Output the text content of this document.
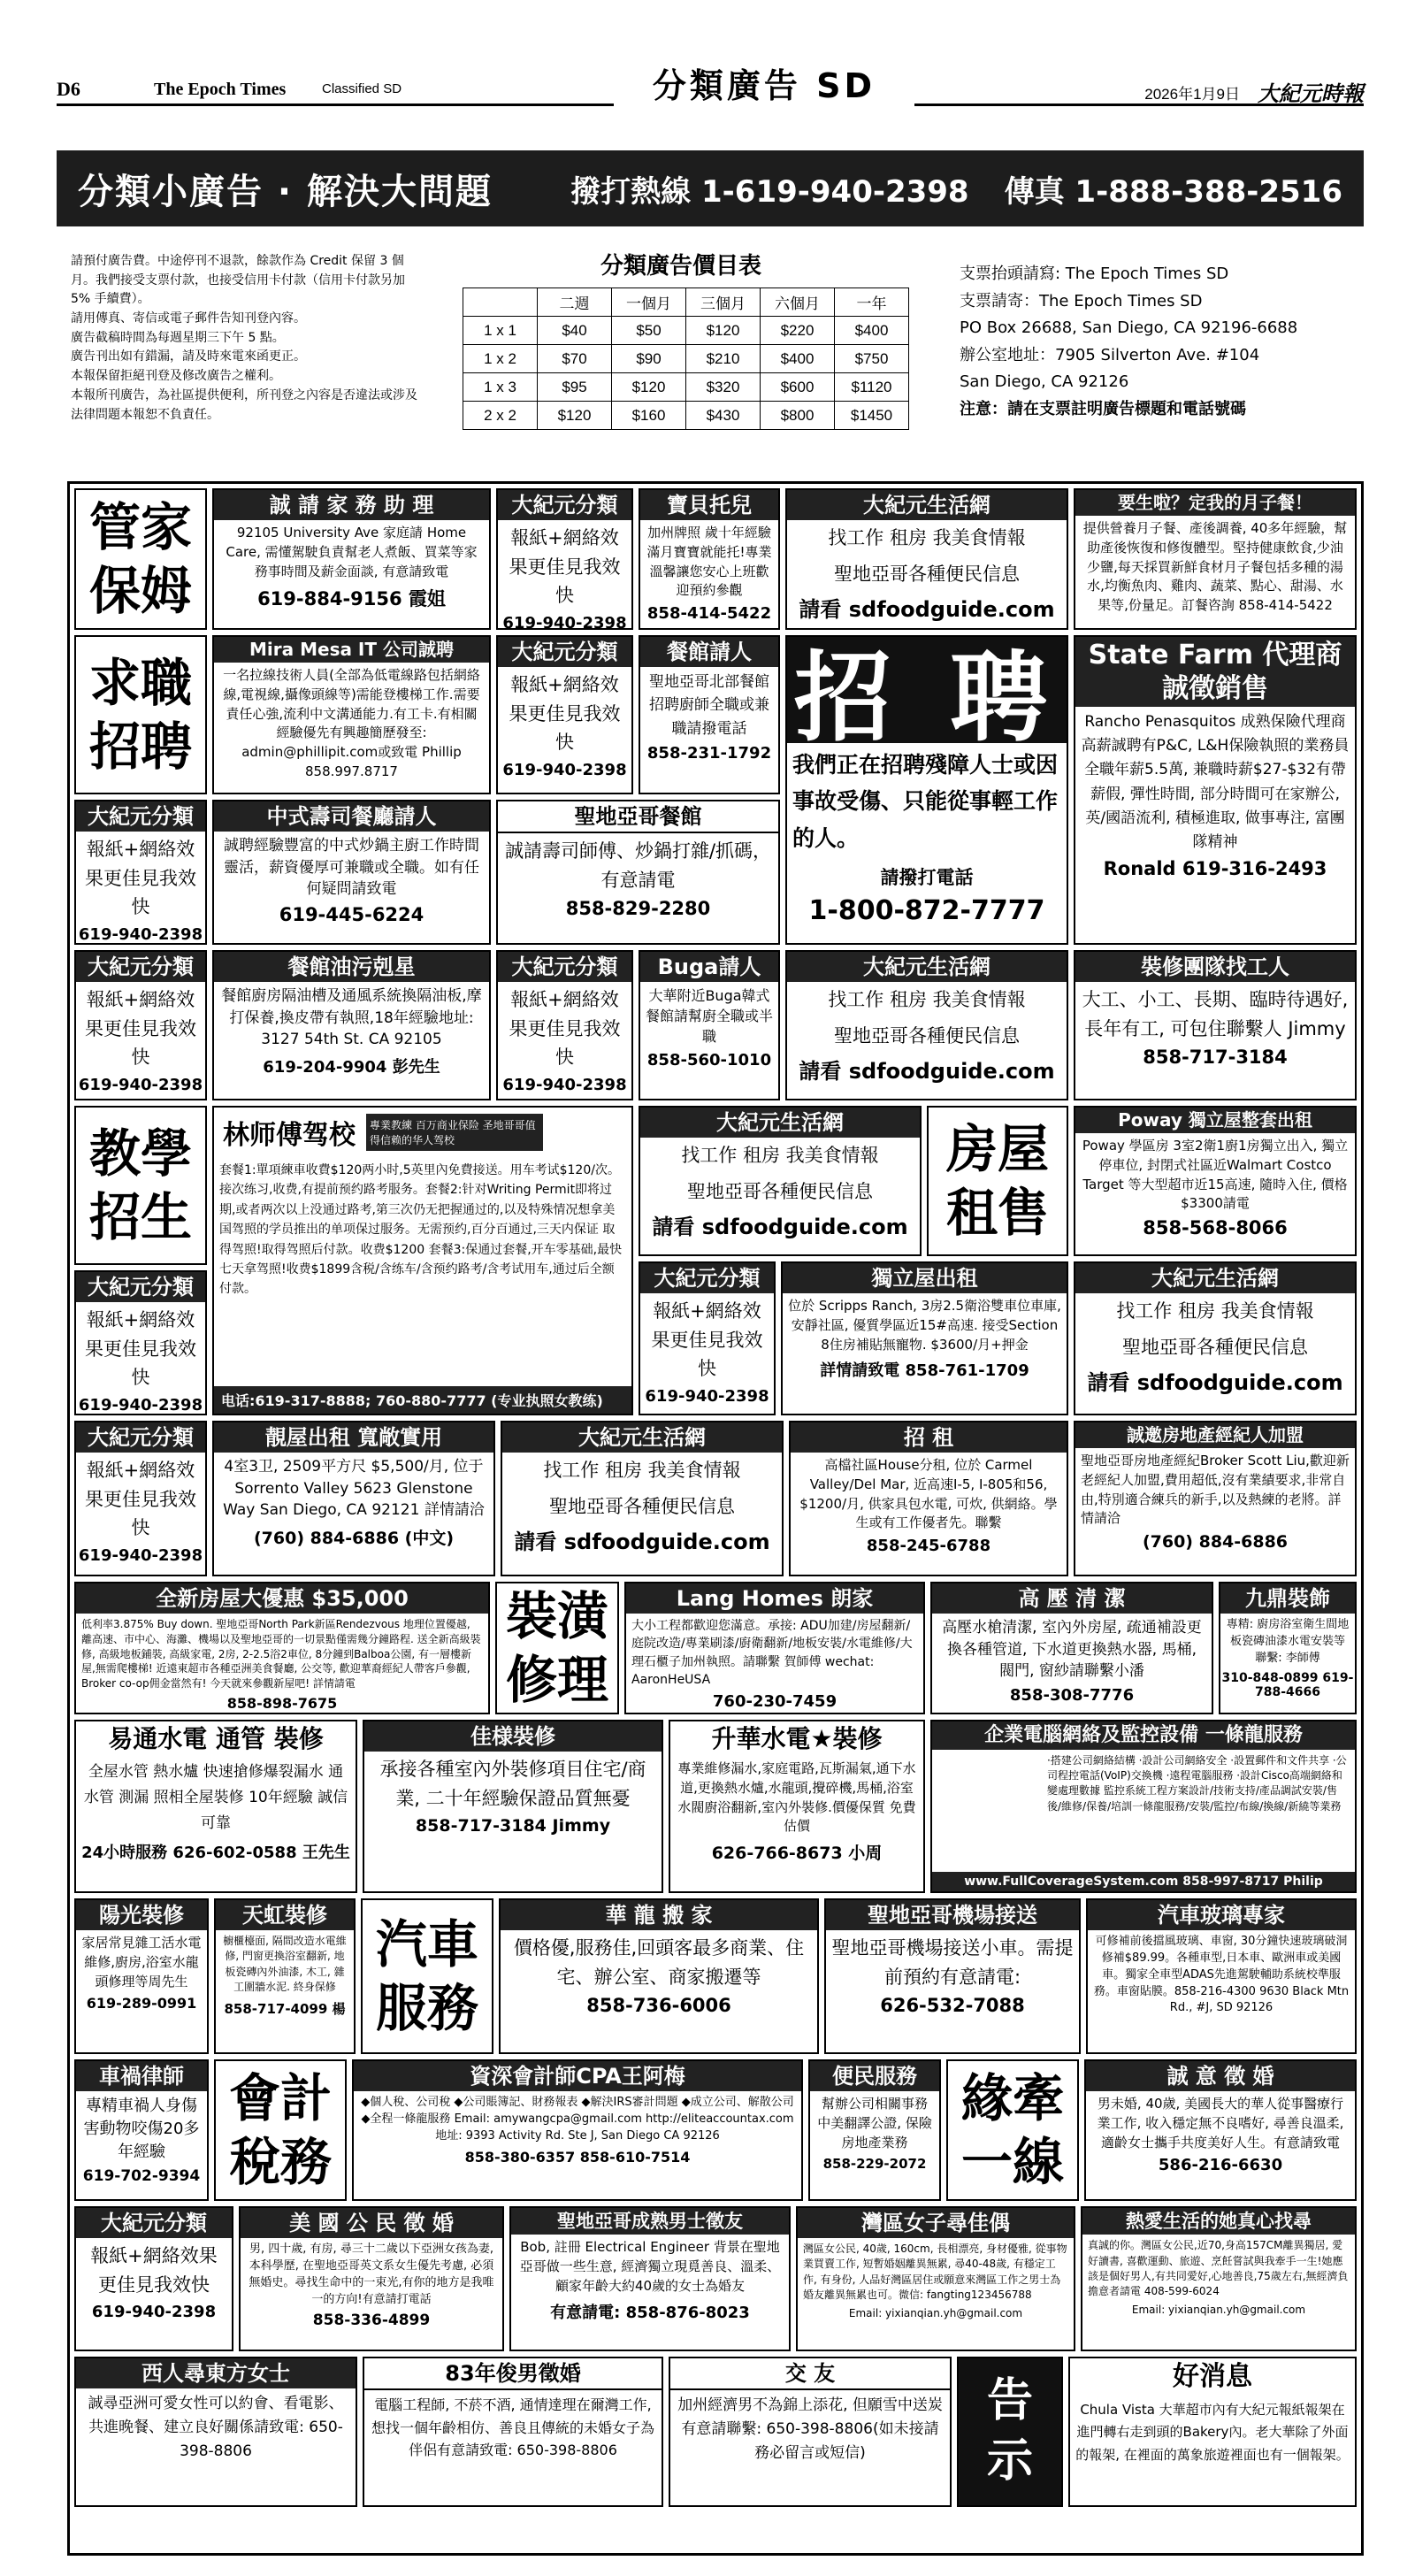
D6	The Epoch Times	Classified SD	分類廣告 SD	2026年1月9日 大紀元時報
分類小廣告 · 解決大問題	撥打熱線 1-619-940-2398 傳真 1-888-388-2516
請預付廣告費。中途停刊不退款，餘款作為 Credit 保留 3 個月。我們接受支票付款，也接受信用卡付款（信用卡付款另加 5% 手續費）。
請用傳真、寄信或電子郵件告知刊登內容。
廣告截稿時間為每週星期三下午 5 點。
廣告刊出如有錯漏，請及時來電來函更正。
本報保留拒絕刊登及修改廣告之權利。
本報所刊廣告，為社區提供便利，所刊登之內容是否違法或涉及法律問題本報恕不負責任。
分類廣告價目表
	二週	一個月	三個月	六個月	一年
1 x 1	$40	$50	$120	$220	$400
1 x 2	$70	$90	$210	$400	$750
1 x 3	$95	$120	$320	$600	$1120
2 x 2	$120	$160	$430	$800	$1450
支票抬頭請寫: The Epoch Times SD
支票請寄：The Epoch Times SD
PO Box 26688, San Diego, CA 92196-6688
辦公室地址：7905 Silverton Ave. #104
San Diego, CA 92126
注意：請在支票註明廣告標題和電話號碼
管家
保姆
誠 請 家 務 助 理
92105 University Ave 家庭請 Home Care, 需懂駕駛負責幫老人煮飯、買菜等家務事時間及薪金面談, 有意請致電
619-884-9156 霞姐
大紀元分類
報紙+網絡效果更佳見我效快
619-940-2398
寶貝托兒
加州牌照 歲十年經驗 滿月寶寶就能托!專業溫馨讓您安心上班歡迎預約參觀
858-414-5422
大紀元生活網
找工作 租房 我美食情報
聖地亞哥各種便民信息
請看 sdfoodguide.com
要生啦？定我的月子餐！
提供營養月子餐、產後調養, 40多年經驗，幫助產後恢復和修復體型。堅持健康飲食,少油少鹽,每天採買新鮮食材月子餐包括多種的湯水,均衡魚肉、雞肉、蔬菜、點心、甜湯、水果等,份量足。訂餐咨詢 858-414-5422
求職
招聘
Mira Mesa IT 公司誠聘
一名拉線技術人員(全部為低電線路包括網絡線,電視線,攝像頭線等)需能登樓梯工作.需要責任心強,流利中文溝通能力.有工卡.有相關經驗優先有興趣簡歷發至: admin@phillipit.com或致電 Phillip 858.997.8717
大紀元分類
報紙+網絡效果更佳見我效快
619-940-2398
餐館請人
聖地亞哥北部餐館招聘廚師全職或兼職請撥電話
858-231-1792 招 聘
我們正在招聘殘障人士或因事故受傷、只能從事輕工作的人。
請撥打電話
1-800-872-7777
State Farm 代理商誠徵銷售
Rancho Penasquitos 成熟保險代理商高薪誠聘有P&C, L&H保險執照的業務員全職年薪5.5萬, 兼職時薪$27-$32有帶薪假, 彈性時間, 部分時間可在家辦公, 英/國語流利, 積極進取, 做事專注, 富團隊精神
Ronald 619-316-2493
大紀元分類
報紙+網絡效果更佳見我效快
619-940-2398
中式壽司餐廳請人
誠聘經驗豐富的中式炒鍋主廚工作時間靈活，薪資優厚可兼職或全職。如有任何疑問請致電
619-445-6224
聖地亞哥餐館
誠請壽司師傅、炒鍋打雜/抓碼，有意請電
858-829-2280
大紀元分類
報紙+網絡效果更佳見我效快
619-940-2398
餐館油污剋星
餐館廚房隔油槽及通風系統換隔油板,摩打保養,換皮帶有執照,18年經驗地址: 3127 54th St. CA 92105
619-204-9904 彭先生
大紀元分類
報紙+網絡效果更佳見我效快
619-940-2398
Buga請人
大華附近Buga韓式餐館請幫廚全職或半職
858-560-1010
大紀元生活網
找工作 租房 我美食情報
聖地亞哥各種便民信息
請看 sdfoodguide.com
裝修團隊找工人
大工、小工、長期、臨時待遇好, 長年有工, 可包住聯繫人 Jimmy
858-717-3184
教學
招生
林师傅驾校	專業教練 百万商业保险 圣地哥哥值得信赖的华人驾校
套餐1:單項練車收費$120两小时,5英里內免費接送。用车考试$120/次。接次练习,收费,有提前预约路考服务。套餐2:针对Writing Permit即将过期,或者两次以上没通过路考,第三次仍无把握通过的,以及特殊情况想拿美国驾照的学员推出的单项保过服务。无需预约,百分百通过,三天内保证 取得驾照!取得驾照后付款。收费$1200 套餐3:保通过套餐,开车零基础,最快七天拿驾照!收费$1899含税/含练车/含预约路考/含考试用车,通过后全额付款。
电话:619-317-8888; 760-880-7777 (专业执照女教练)
大紀元生活網
找工作 租房 我美食情報
聖地亞哥各種便民信息
請看 sdfoodguide.com
房屋
租售
Poway 獨立屋整套出租
Poway 學區房 3室2衛1廚1房獨立出入, 獨立停車位, 封閉式社區近Walmart Costco Target 等大型超市近15高速, 隨時入住, 價格 $3300請電
858-568-8066
大紀元分類
報紙+網絡效果更佳見我效快
619-940-2398
大紀元分類
報紙+網絡效果更佳見我效快
619-940-2398
獨立屋出租
位於 Scripps Ranch, 3房2.5衛浴雙車位車庫, 安靜社區, 優質學區近15#高速. 接受Section 8住房補貼無寵物. $3600/月+押金
詳情請致電 858-761-1709
大紀元生活網
找工作 租房 我美食情報
聖地亞哥各種便民信息
請看 sdfoodguide.com
大紀元分類
報紙+網絡效果更佳見我效快
619-940-2398
靚屋出租 寬敞實用
4室3卫, 2509平方尺 $5,500/月, 位于 Sorrento Valley 5623 Glenstone Way San Diego, CA 92121 詳情請洽
(760) 884-6886 (中文)
大紀元生活網
找工作 租房 我美食情報
聖地亞哥各種便民信息
請看 sdfoodguide.com
招 租
高檔社區House分租, 位於 Carmel Valley/Del Mar, 近高速I-5, I-805和56, $1200/月, 供家具包水電, 可炊, 供網絡。學生或有工作優者先。聯繫
858-245-6788
誠邀房地產經紀人加盟
聖地亞哥房地產經紀Broker Scott Liu,歡迎新老經紀人加盟,費用超低,沒有業績要求,非常自由,特別適合練兵的新手,以及熱練的老將。詳情請洽
(760) 884-6886
全新房屋大優惠 $35,000
低利率3.875% Buy down. 聖地亞哥North Park新區Rendezvous 地理位置優越, 離高速、市中心、海灘、機場以及聖地亞哥的一切景點僅需幾分鐘路程. 送全新高級裝修, 高級地板鋪裝, 高級家電, 2房, 2-2.5浴2車位, 8分鐘到Balboa公園, 有一層樓新屋,無需爬樓梯! 近遠東超市各種亞洲美食餐廳, 公交等, 歡迎華裔經紀人帶客戶參觀, Broker co-op佣金當然有! 今天就來參觀新屋吧! 詳情請電
858-898-7675
裝潢
修理
Lang Homes 朗家
大小工程都歡迎您滿意。承接: ADU加建/房屋翻新/庭院改造/專業刷漆/廚衛翻新/地板安裝/水電維修/大理石櫃子加州執照。請聯繫 賀師傅 wechat: AaronHeUSA
760-230-7459
高 壓 清 潔
高壓水槍清潔, 室內外房屋, 疏通補設更換各種管道, 下水道更換熱水器, 馬桶, 閥門, 窗紗請聯繫小潘
858-308-7776
九鼎裝飾
專精: 廚房浴室衛生間地板瓷磚油漆水電安裝等聯繫: 李師傅
310-848-0899 619-788-4666
易通水電 通管 裝修
全屋水管 熱水爐 快速搶修爆裂漏水 通水管 測漏 照相全屋裝修 10年經驗 誠信可靠
24小時服務 626-602-0588 王先生
佳様裝修
承接各種室內外裝修項目住宅/商業, 二十年經驗保證品質無憂
858-717-3184 Jimmy
升華水電★裝修
專業維修漏水,家庭電路,瓦斯漏氣,通下水道,更換熱水爐,水龍頭,攪碎機,馬桶,浴室水閥廚浴翻新,室內外裝修.價優保質 免費估價
626-766-8673 小周
企業電腦網絡及監控設備 一條龍服務
·搭建公司網絡結構 ·設計公司網絡安全 ·設置郵件和文件共享 ·公司程控電話(VoIP)交換機 ·遠程電腦服務 ·設計Cisco高端網絡和變處理數據 監控系統工程方案設計/技術支持/產品調試安裝/售後/維修/保養/培訓一條龍服務/安裝/監控/布線/換線/新繞等業務
www.FullCoverageSystem.com 858-997-8717 Philip
陽光裝修
家居常見雜工活水電維修,廚房,浴室水龍頭修理等周先生
619-289-0991
天虹裝修
櫥櫃檯面, 隔間改造水電維修, 門窗更換浴室翻新, 地板瓷磚內外油漆, 木工, 雜工圍牆水泥. 終身保修
858-717-4099 楊
汽車
服務
華 龍 搬 家
價格優,服務佳,回頭客最多商業、住宅、辦公室、商家搬遷等
858-736-6006
聖地亞哥機場接送
聖地亞哥機場接送小車。需提前預約有意請電:
626-532-7088
汽車玻璃專家
可修補前後擋風玻璃、車窗, 30分鐘快速玻璃破洞修補$89.99。各種車型,日本車、歐洲車或美國車。獨家全車型ADAS先進駕駛輔助系統校準服務。車窗貼膜。858-216-4300 9630 Black Mtn Rd., #J, SD 92126
車禍律師
專精車禍人身傷害動物咬傷20多年經驗
619-702-9394
會計
稅務
資深會計師CPA王阿梅
◆個人稅、公司稅 ◆公司賬簿記、財務報表 ◆解決IRS審計問題 ◆成立公司、解散公司 ◆全程一條龍服務 Email: amywangcpa@gmail.com http://eliteaccountax.com 地址: 9393 Activity Rd. Ste J, San Diego CA 92126
858-380-6357 858-610-7514
便民服務
幫辦公司相關事務中美翻譯公證, 保險房地產業務
858-229-2072
緣牽
一線
誠 意 徵 婚
男未婚, 40歲, 美國長大的華人從事醫療行業工作, 收入穩定無不良嗜好, 尋善良溫柔, 適齡女士攜手共度美好人生。有意請致電
586-216-6630
大紀元分類
報紙+網絡效果更佳見我效快
619-940-2398
美 國 公 民 徵 婚
男, 四十歲, 有房, 尋三十二歲以下亞洲女孩為妻, 本科學歷, 在聖地亞哥英文系女生優先考慮, 必須無婚史。尋找生命中的一束光,有你的地方是我唯一的方向!有意請打電話
858-336-4899
聖地亞哥成熟男士徵友
Bob, 註冊 Electrical Engineer 背景在聖地亞哥做一些生意, 經濟獨立現覓善良、溫柔、顧家年齡大約40歲的女士為婚友
有意請電: 858-876-8023
灣區女子尋佳偶
灣區女公民, 40歲, 160cm, 長相漂亮, 身材優雅, 從事物業買賣工作, 短暫婚姻離異無累, 尋40-48歲, 有穩定工作, 有身份, 人品好灣區居住或願意來灣區工作之男士為婚友離異無累也可。微信: fangting123456788
Email: yixianqian.yh@gmail.com
熱愛生活的她真心找尋
真誠的你。灣區女公民,近70,身高157CM離異獨居, 愛好讀書, 喜歡運動、旅遊、烹飪嘗試與我牽手一生!她應該是個好男人,有共同愛好,心地善良,75歲左右,無經濟負擔意者請電 408-599-6024
Email: yixianqian.yh@gmail.com
西人尋東方女士
誠尋亞洲可愛女性可以約會、看電影、共進晚餐、建立良好關係請致電: 650-398-8806
83年俊男徵婚
電腦工程師, 不菸不酒, 通情達理在爾灣工作, 想找一個年齡相仿、善良且傳統的未婚女子為伴侶有意請致電: 650-398-8806
交 友
加州經濟男不為錦上添花, 但願雪中送炭有意請聯繫: 650-398-8806(如未接請務必留言或短信)
告
示
好消息
Chula Vista 大華超市內有大紀元報紙報架在進門轉右走到頭的Bakery內。老大華除了外面的報架, 在裡面的萬象旅遊裡面也有一個報架。
